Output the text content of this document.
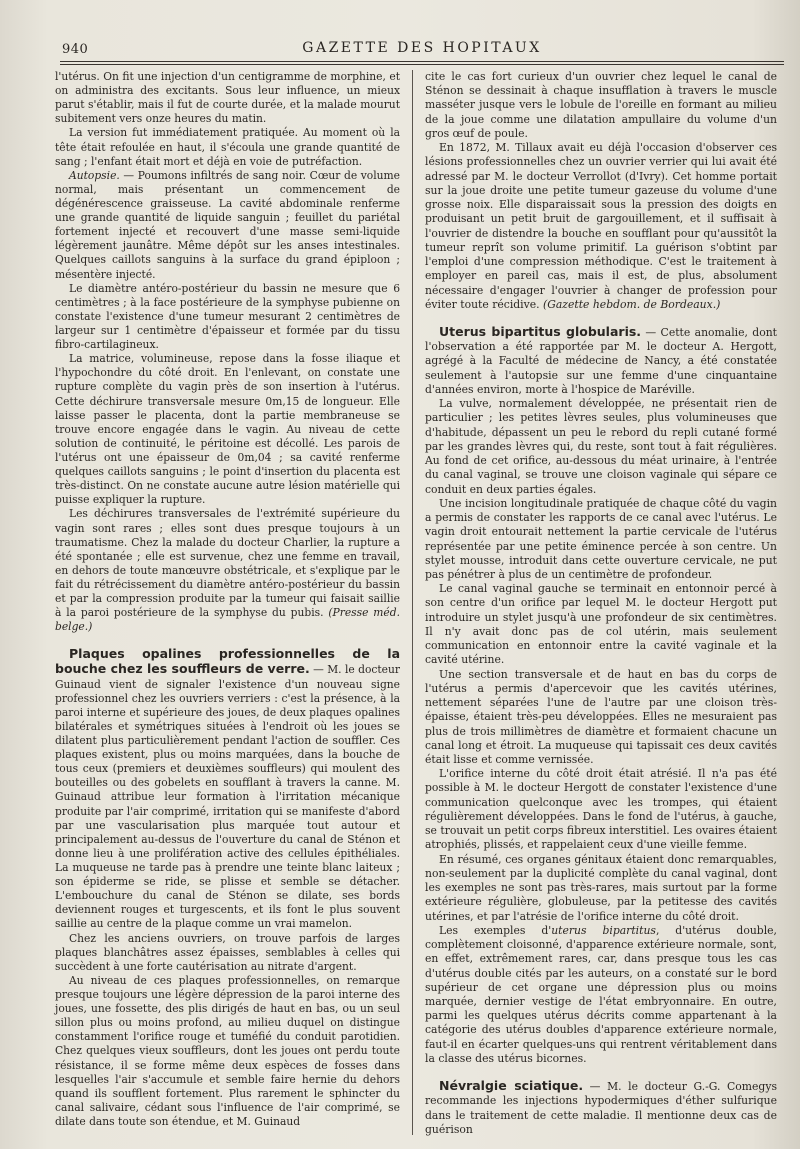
940	GAZETTE DES HOPITAUX

l'utérus. On fit une injection d'un centigramme de morphine, et on administra des excitants. Sous leur influence, un mieux parut s'établir, mais il fut de courte durée, et la malade mourut subitement vers onze heures du matin.

La version fut immédiatement pratiquée. Au moment où la tête était refoulée en haut, il s'écoula une grande quantité de sang ; l'enfant était mort et déjà en voie de putréfaction.

Autopsie. — Poumons infiltrés de sang noir. Cœur de volume normal, mais présentant un commencement de dégénérescence graisseuse. La cavité abdominale renferme une grande quantité de liquide sanguin ; feuillet du pariétal fortement injecté et recouvert d'une masse semi-liquide légèrement jaunâtre. Même dépôt sur les anses intestinales. Quelques caillots sanguins à la surface du grand épiploon ; mésentère injecté.

Le diamètre antéro-postérieur du bassin ne mesure que 6 centimètres ; à la face postérieure de la symphyse pubienne on constate l'existence d'une tumeur mesurant 2 centimètres de largeur sur 1 centimètre d'épaisseur et formée par du tissu fibro-cartilagineux.

La matrice, volumineuse, repose dans la fosse iliaque et l'hypochondre du côté droit. En l'enlevant, on constate une rupture complète du vagin près de son insertion à l'utérus. Cette déchirure transversale mesure 0m,15 de longueur. Elle laisse passer le placenta, dont la partie membraneuse se trouve encore engagée dans le vagin. Au niveau de cette solution de continuité, le péritoine est décollé. Les parois de l'utérus ont une épaisseur de 0m,04 ; sa cavité renferme quelques caillots sanguins ; le point d'insertion du placenta est très-distinct. On ne constate aucune autre lésion matérielle qui puisse expliquer la rupture.

Les déchirures transversales de l'extrémité supérieure du vagin sont rares ; elles sont dues presque toujours à un traumatisme. Chez la malade du docteur Charlier, la rupture a été spontanée ; elle est survenue, chez une femme en travail, en dehors de toute manœuvre obstétricale, et s'explique par le fait du rétrécissement du diamètre antéro-postérieur du bassin et par la compression produite par la tumeur qui faisait saillie à la paroi postérieure de la symphyse du pubis. (Presse méd. belge.)

Plaques opalines professionnelles de la bouche chez les souffleurs de verre. — M. le docteur Guinaud vient de signaler l'existence d'un nouveau signe professionnel chez les ouvriers verriers : c'est la présence, à la paroi interne et supérieure des joues, de deux plaques opalines bilatérales et symétriques situées à l'endroit où les joues se dilatent plus particulièrement pendant l'action de souffler. Ces plaques existent, plus ou moins marquées, dans la bouche de tous ceux (premiers et deuxièmes souffleurs) qui moulent des bouteilles ou des gobelets en soufflant à travers la canne. M. Guinaud attribue leur formation à l'irritation mécanique produite par l'air comprimé, irritation qui se manifeste d'abord par une vascularisation plus marquée tout autour et principalement au-dessus de l'ouverture du canal de Sténon et donne lieu à une prolifération active des cellules épithéliales. La muqueuse ne tarde pas à prendre une teinte blanc laiteux ; son épiderme se ride, se plisse et semble se détacher. L'embouchure du canal de Sténon se dilate, ses bords deviennent rouges et turgescents, et ils font le plus souvent saillie au centre de la plaque comme un vrai mamelon.

Chez les anciens ouvriers, on trouve parfois de larges plaques blanchâtres assez épaisses, semblables à celles qui succèdent à une forte cautérisation au nitrate d'argent.

Au niveau de ces plaques professionnelles, on remarque presque toujours une légère dépression de la paroi interne des joues, une fossette, des plis dirigés de haut en bas, ou un seul sillon plus ou moins profond, au milieu duquel on distingue constamment l'orifice rouge et tuméfié du conduit parotidien. Chez quelques vieux souffleurs, dont les joues ont perdu toute résistance, il se forme même deux espèces de fosses dans lesquelles l'air s'accumule et semble faire hernie du dehors quand ils soufflent fortement. Plus rarement le sphincter du canal salivaire, cédant sous l'influence de l'air comprimé, se dilate dans toute son étendue, et M. Guinaud

cite le cas fort curieux d'un ouvrier chez lequel le canal de Sténon se dessinait à chaque insufflation à travers le muscle masséter jusque vers le lobule de l'oreille en formant au milieu de la joue comme une dilatation ampullaire du volume d'un gros œuf de poule.

En 1872, M. Tillaux avait eu déjà l'occasion d'observer ces lésions professionnelles chez un ouvrier verrier qui lui avait été adressé par M. le docteur Verrollot (d'Ivry). Cet homme portait sur la joue droite une petite tumeur gazeuse du volume d'une grosse noix. Elle disparaissait sous la pression des doigts en produisant un petit bruit de gargouillement, et il suffisait à l'ouvrier de distendre la bouche en soufflant pour qu'aussitôt la tumeur reprît son volume primitif. La guérison s'obtint par l'emploi d'une compression méthodique. C'est le traitement à employer en pareil cas, mais il est, de plus, absolument nécessaire d'engager l'ouvrier à changer de profession pour éviter toute récidive. (Gazette hebdom. de Bordeaux.)

Uterus bipartitus globularis. — Cette anomalie, dont l'observation a été rapportée par M. le docteur A. Hergott, agrégé à la Faculté de médecine de Nancy, a été constatée seulement à l'autopsie sur une femme d'une cinquantaine d'années environ, morte à l'hospice de Maréville.

La vulve, normalement développée, ne présentait rien de particulier ; les petites lèvres seules, plus volumineuses que d'habitude, dépassent un peu le rebord du repli cutané formé par les grandes lèvres qui, du reste, sont tout à fait régulières. Au fond de cet orifice, au-dessous du méat urinaire, à l'entrée du canal vaginal, se trouve une cloison vaginale qui sépare ce conduit en deux parties égales.

Une incision longitudinale pratiquée de chaque côté du vagin a permis de constater les rapports de ce canal avec l'utérus. Le vagin droit entourait nettement la partie cervicale de l'utérus représentée par une petite éminence percée à son centre. Un stylet mousse, introduit dans cette ouverture cervicale, ne put pas pénétrer à plus de un centimètre de profondeur.

Le canal vaginal gauche se terminait en entonnoir percé à son centre d'un orifice par lequel M. le docteur Hergott put introduire un stylet jusqu'à une profondeur de six centimètres. Il n'y avait donc pas de col utérin, mais seulement communication en entonnoir entre la cavité vaginale et la cavité utérine.

Une section transversale et de haut en bas du corps de l'utérus a permis d'apercevoir que les cavités utérines, nettement séparées l'une de l'autre par une cloison très-épaisse, étaient très-peu développées. Elles ne mesuraient pas plus de trois millimètres de diamètre et formaient chacune un canal long et étroit. La muqueuse qui tapissait ces deux cavités était lisse et comme vernissée.

L'orifice interne du côté droit était atrésié. Il n'a pas été possible à M. le docteur Hergott de constater l'existence d'une communication quelconque avec les trompes, qui étaient régulièrement développées. Dans le fond de l'utérus, à gauche, se trouvait un petit corps fibreux interstitiel. Les ovaires étaient atrophiés, plissés, et rappelaient ceux d'une vieille femme.

En résumé, ces organes génitaux étaient donc remarquables, non-seulement par la duplicité complète du canal vaginal, dont les exemples ne sont pas très-rares, mais surtout par la forme extérieure régulière, globuleuse, par la petitesse des cavités utérines, et par l'atrésie de l'orifice interne du côté droit.

Les exemples d'uterus bipartitus, d'utérus double, complètement cloisonné, d'apparence extérieure normale, sont, en effet, extrêmement rares, car, dans presque tous les cas d'utérus double cités par les auteurs, on a constaté sur le bord supérieur de cet organe une dépression plus ou moins marquée, dernier vestige de l'état embryonnaire. En outre, parmi les quelques utérus décrits comme appartenant à la catégorie des utérus doubles d'apparence extérieure normale, faut-il en écarter quelques-uns qui rentrent véritablement dans la classe des utérus bicornes.

Névralgie sciatique. — M. le docteur G.-G. Comegys recommande les injections hypodermiques d'éther sulfurique dans le traitement de cette maladie. Il mentionne deux cas de guérison
